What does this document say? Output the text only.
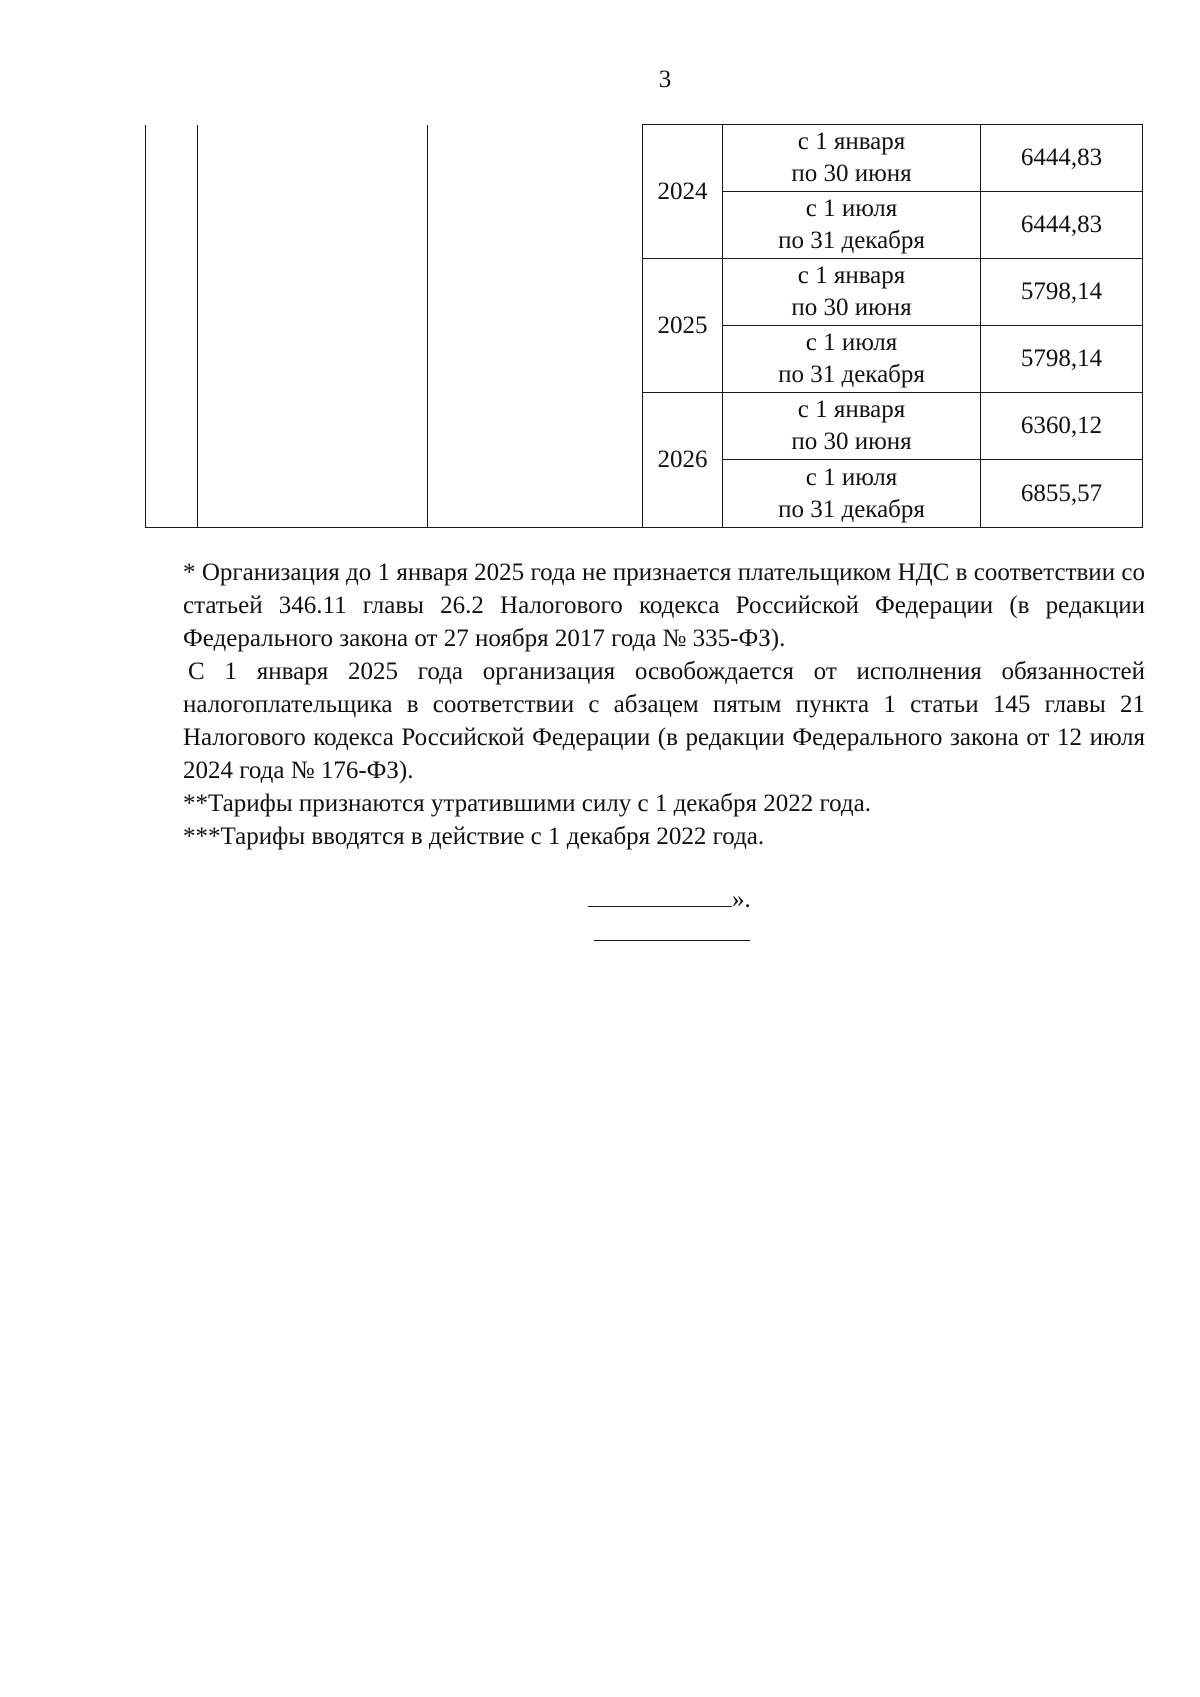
3
			2024	с 1 января
по 30 июня	6444,83

				с 1 июля
по 31 декабря	6444,83
			2025	с 1 января
по 30 июня	5798,14

				с 1 июля
по 31 декабря	5798,14
			2026	с 1 января
по 30 июня	6360,12

				с 1 июля
по 31 декабря	6855,57

* Организация до 1 января 2025 года не признается плательщиком НДС в соответствии со статьей 346.11 главы 26.2 Налогового кодекса Российской Федерации (в редакции Федерального закона от 27 ноября 2017 года № 335-ФЗ).

С 1 января 2025 года организация освобождается от исполнения обязанностей налогоплательщика в соответствии с абзацем пятым пункта 1 статьи 145 главы 21 Налогового кодекса Российской Федерации (в редакции Федерального закона от 12 июля 2024 года № 176-ФЗ).

**Тарифы признаются утратившими силу с 1 декабря 2022 года.

***Тарифы вводятся в действие с 1 декабря 2022 года.

».
